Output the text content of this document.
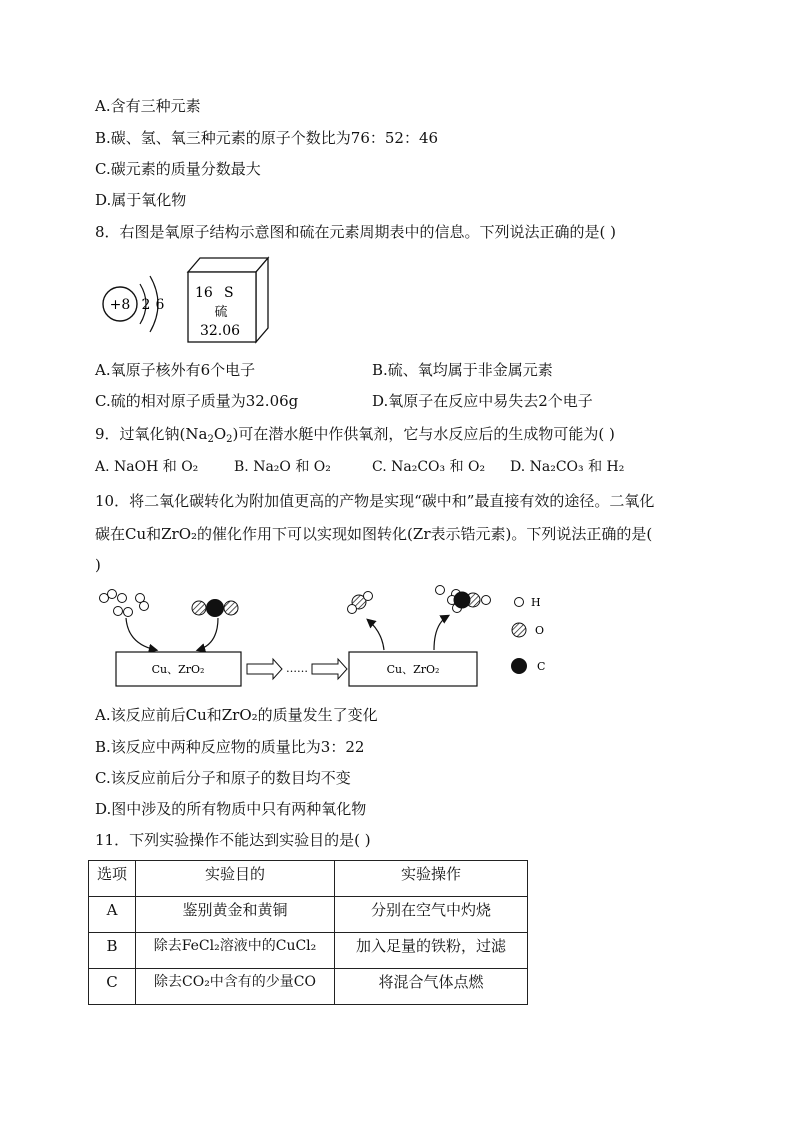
A.含有三种元素
B.碳、氢、氧三种元素的原子个数比为76：52：46
C.碳元素的质量分数最大
D.属于氧化物
8．右图是氧原子结构示意图和硫在元素周期表中的信息。下列说法正确的是( )
+8 2 6
16 S
硫
32.06
A.氧原子核外有6个电子	B.硫、氧均属于非金属元素
C.硫的相对原子质量为32.06g	D.氧原子在反应中易失去2个电子
9．过氧化钠$(Na_2O_2)$可在潜水艇中作供氧剂，它与水反应后的生成物可能为( )
A. NaOH 和 O₂	B. Na₂O 和 O₂	C. Na₂CO₃ 和 O₂ D. Na₂CO₃ 和 H₂
10．将二氧化碳转化为附加值更高的产物是实现“碳中和”最直接有效的途径。二氧化
碳在Cu和ZrO₂的催化作用下可以实现如图转化(Zr表示锆元素)。下列说法正确的是(
)
Cu、ZrO₂	……	Cu、ZrO₂
H
O
C
A.该反应前后Cu和ZrO₂的质量发生了变化
B.该反应中两种反应物的质量比为3：22
C.该反应前后分子和原子的数目均不变
D.图中涉及的所有物质中只有两种氧化物
11．下列实验操作不能达到实验目的是( )
选项	实验目的	实验操作
A	鉴别黄金和黄铜	分别在空气中灼烧
B	除去FeCl₂溶液中的CuCl₂	加入足量的铁粉，过滤
C	除去CO₂中含有的少量CO	将混合气体点燃
